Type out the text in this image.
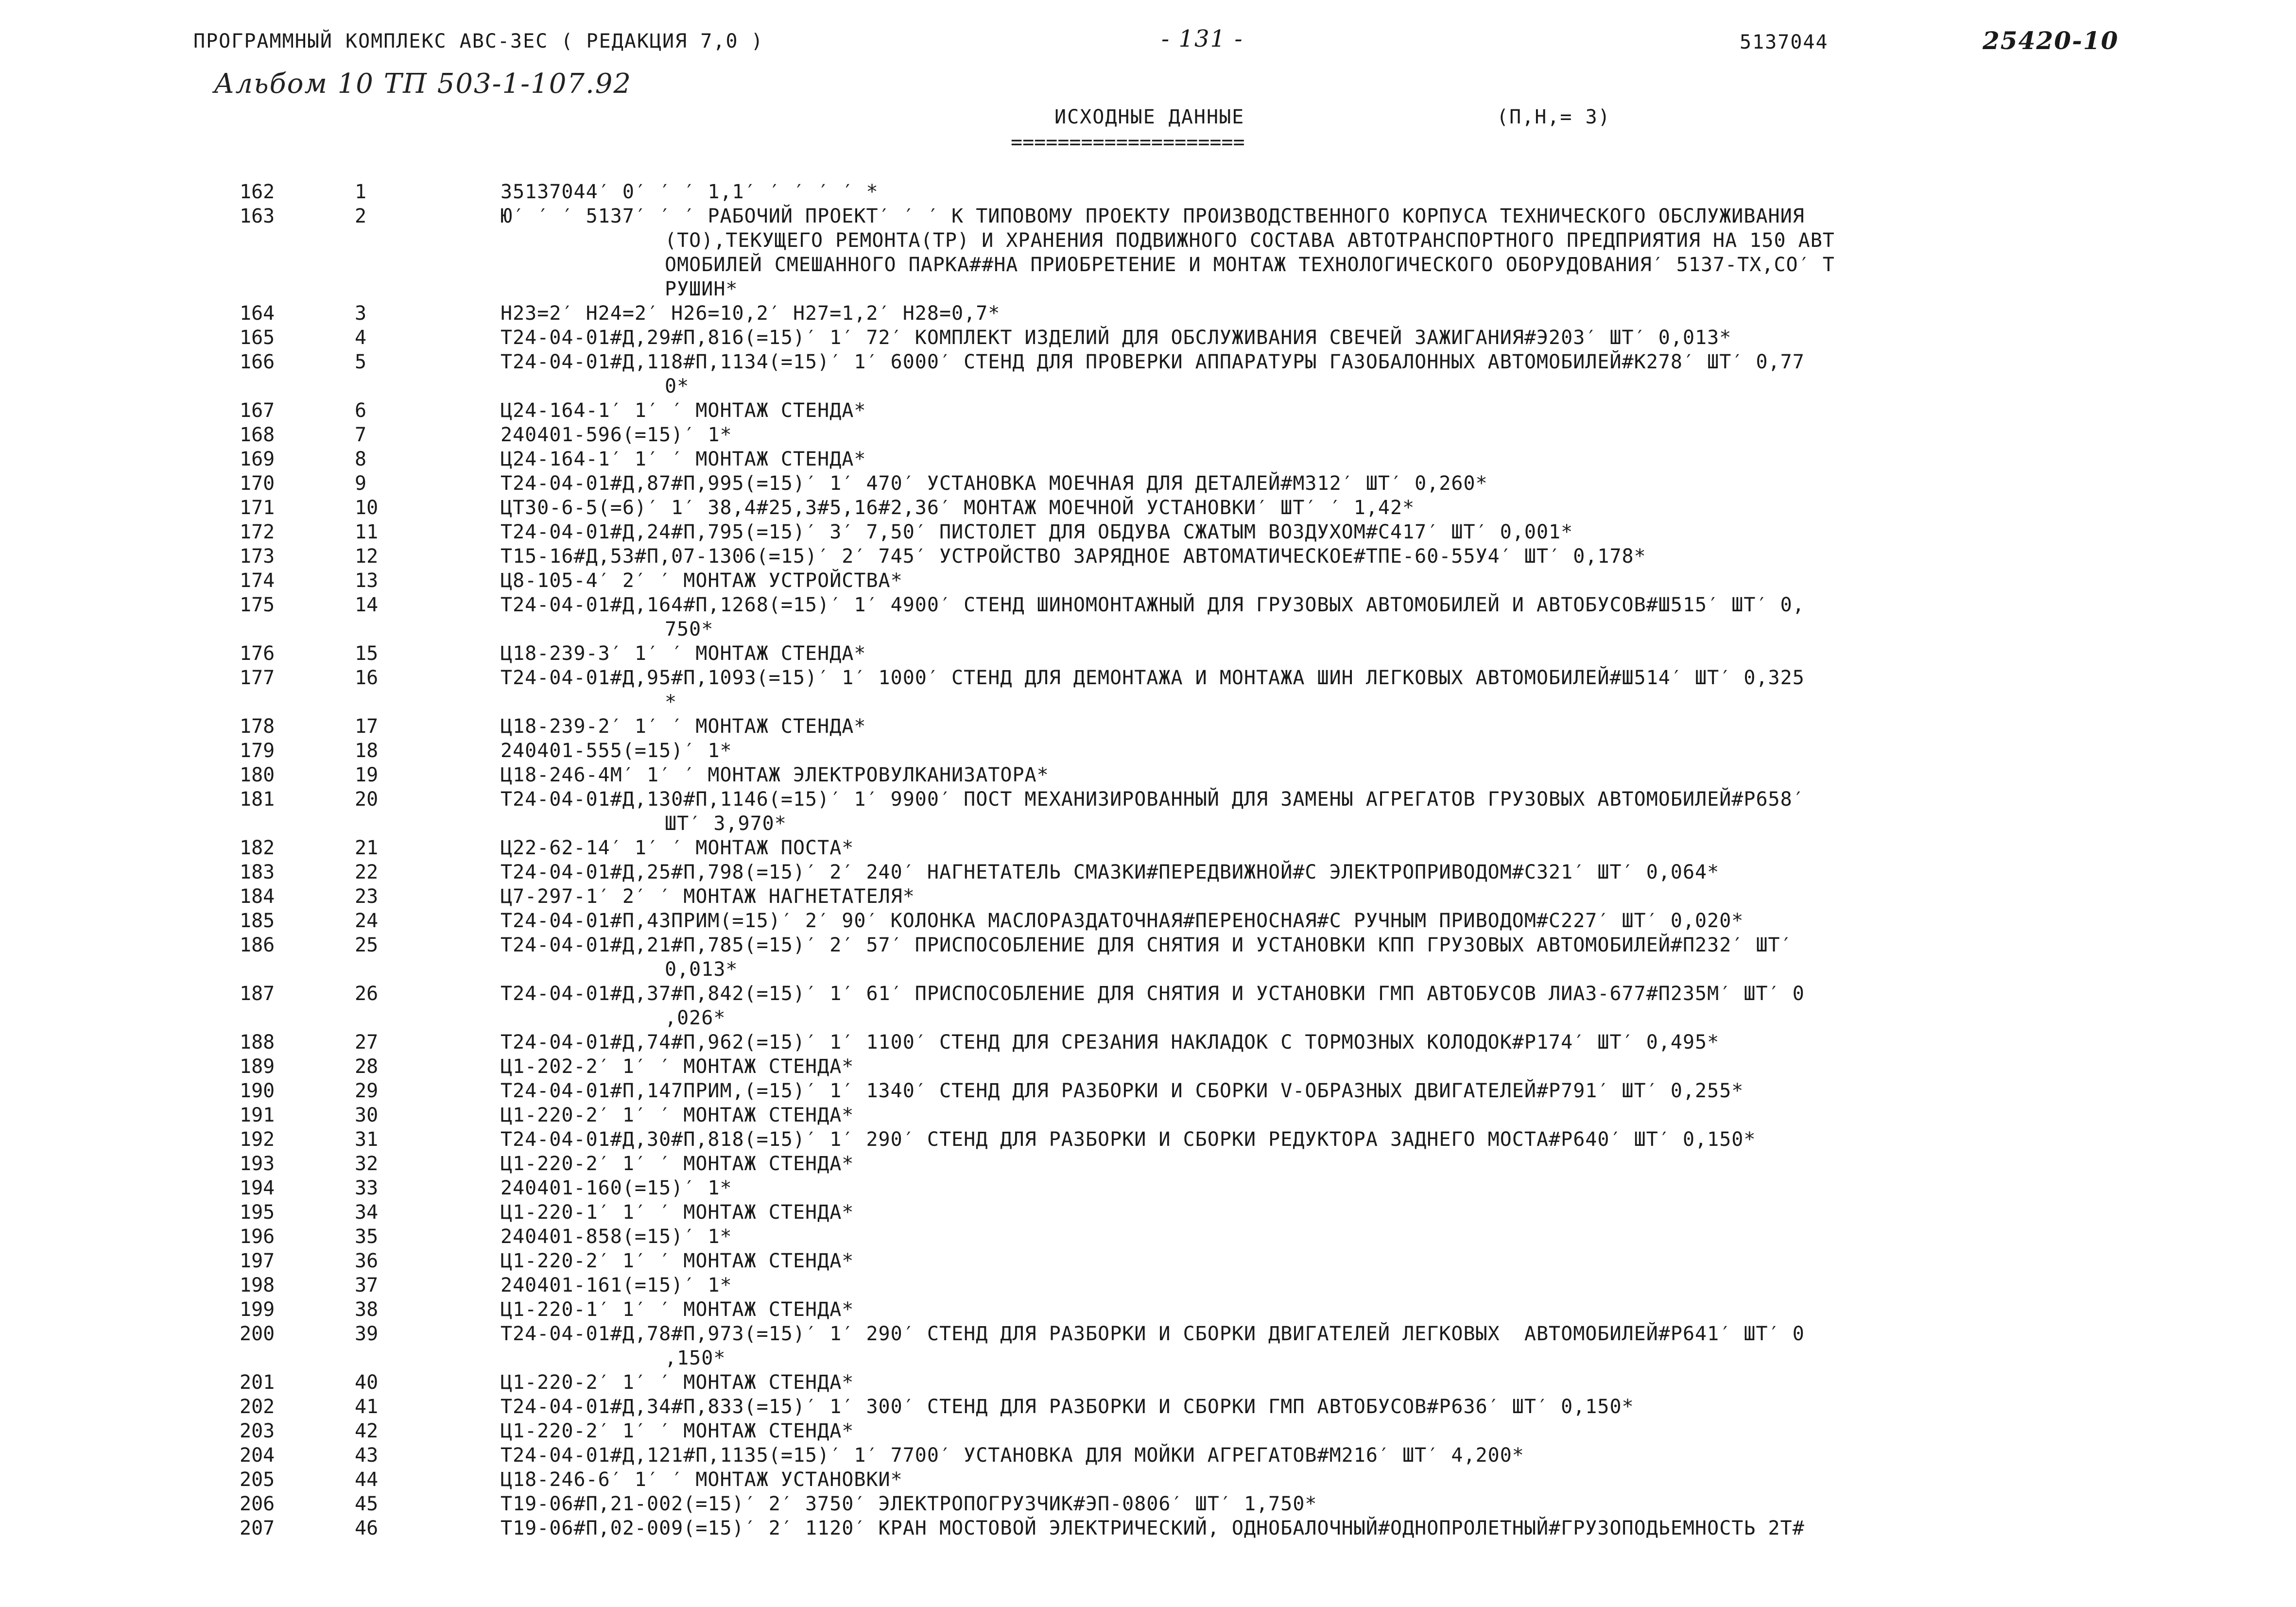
ПРОГРАММНЫЙ КОМПЛЕКС АВС-3ЕС ( РЕДАКЦИЯ 7,0 )	- 131 -	5137044	25420-10
Альбом 10 ТП 503-1-107.92
ИСХОДНЫЕ ДАННЫЕ
====================
(П,Н,= 3)
162	1	35137044′ 0′ ′ ′ 1,1′ ′ ′ ′ ′ *
163	2	Ю′ ′ ′ 5137′ ′ ′ РАБОЧИЙ ПРОЕКТ′ ′ ′ К ТИПОВОМУ ПРОЕКТУ ПРОИЗВОДСТВЕННОГО КОРПУСА ТЕХНИЧЕСКОГО ОБСЛУЖИВАНИЯ
(ТО),ТЕКУЩЕГО РЕМОНТА(ТР) И ХРАНЕНИЯ ПОДВИЖНОГО СОСТАВА АВТОТРАНСПОРТНОГО ПРЕДПРИЯТИЯ НА 150 АВТ
ОМОБИЛЕЙ СМЕШАННОГО ПАРКА##НА ПРИОБРЕТЕНИЕ И МОНТАЖ ТЕХНОЛОГИЧЕСКОГО ОБОРУДОВАНИЯ′ 5137-ТХ,СО′ Т
РУШИН*
164	3	Н23=2′ Н24=2′ Н26=10,2′ Н27=1,2′ Н28=0,7*
165	4	Т24-04-01#Д,29#П,816(=15)′ 1′ 72′ КОМПЛЕКТ ИЗДЕЛИЙ ДЛЯ ОБСЛУЖИВАНИЯ СВЕЧЕЙ ЗАЖИГАНИЯ#Э203′ ШТ′ 0,013*
166	5	Т24-04-01#Д,118#П,1134(=15)′ 1′ 6000′ СТЕНД ДЛЯ ПРОВЕРКИ АППАРАТУРЫ ГАЗОБАЛОННЫХ АВТОМОБИЛЕЙ#К278′ ШТ′ 0,77
0*
167	6	Ц24-164-1′ 1′ ′ МОНТАЖ СТЕНДА*
168	7	240401-596(=15)′ 1*
169	8	Ц24-164-1′ 1′ ′ МОНТАЖ СТЕНДА*
170	9	Т24-04-01#Д,87#П,995(=15)′ 1′ 470′ УСТАНОВКА МОЕЧНАЯ ДЛЯ ДЕТАЛЕЙ#М312′ ШТ′ 0,260*
171	10	ЦТ30-6-5(=6)′ 1′ 38,4#25,3#5,16#2,36′ МОНТАЖ МОЕЧНОЙ УСТАНОВКИ′ ШТ′ ′ 1,42*
172	11	Т24-04-01#Д,24#П,795(=15)′ 3′ 7,50′ ПИСТОЛЕТ ДЛЯ ОБДУВА СЖАТЫМ ВОЗДУХОМ#С417′ ШТ′ 0,001*
173	12	Т15-16#Д,53#П,07-1306(=15)′ 2′ 745′ УСТРОЙСТВО ЗАРЯДНОЕ АВТОМАТИЧЕСКОЕ#ТПЕ-60-55У4′ ШТ′ 0,178*
174	13	Ц8-105-4′ 2′ ′ МОНТАЖ УСТРОЙСТВА*
175	14	Т24-04-01#Д,164#П,1268(=15)′ 1′ 4900′ СТЕНД ШИНОМОНТАЖНЫЙ ДЛЯ ГРУЗОВЫХ АВТОМОБИЛЕЙ И АВТОБУСОВ#Ш515′ ШТ′ 0,
750*
176	15	Ц18-239-3′ 1′ ′ МОНТАЖ СТЕНДА*
177	16	Т24-04-01#Д,95#П,1093(=15)′ 1′ 1000′ СТЕНД ДЛЯ ДЕМОНТАЖА И МОНТАЖА ШИН ЛЕГКОВЫХ АВТОМОБИЛЕЙ#Ш514′ ШТ′ 0,325
*
178	17	Ц18-239-2′ 1′ ′ МОНТАЖ СТЕНДА*
179	18	240401-555(=15)′ 1*
180	19	Ц18-246-4М′ 1′ ′ МОНТАЖ ЭЛЕКТРОВУЛКАНИЗАТОРА*
181	20	Т24-04-01#Д,130#П,1146(=15)′ 1′ 9900′ ПОСТ МЕХАНИЗИРОВАННЫЙ ДЛЯ ЗАМЕНЫ АГРЕГАТОВ ГРУЗОВЫХ АВТОМОБИЛЕЙ#Р658′
ШТ′ 3,970*
182	21	Ц22-62-14′ 1′ ′ МОНТАЖ ПОСТА*
183	22	Т24-04-01#Д,25#П,798(=15)′ 2′ 240′ НАГНЕТАТЕЛЬ СМАЗКИ#ПЕРЕДВИЖНОЙ#С ЭЛЕКТРОПРИВОДОМ#С321′ ШТ′ 0,064*
184	23	Ц7-297-1′ 2′ ′ МОНТАЖ НАГНЕТАТЕЛЯ*
185	24	Т24-04-01#П,43ПРИМ(=15)′ 2′ 90′ КОЛОНКА МАСЛОРАЗДАТОЧНАЯ#ПЕРЕНОСНАЯ#С РУЧНЫМ ПРИВОДОМ#С227′ ШТ′ 0,020*
186	25	Т24-04-01#Д,21#П,785(=15)′ 2′ 57′ ПРИСПОСОБЛЕНИЕ ДЛЯ СНЯТИЯ И УСТАНОВКИ КПП ГРУЗОВЫХ АВТОМОБИЛЕЙ#П232′ ШТ′
0,013*
187	26	Т24-04-01#Д,37#П,842(=15)′ 1′ 61′ ПРИСПОСОБЛЕНИЕ ДЛЯ СНЯТИЯ И УСТАНОВКИ ГМП АВТОБУСОВ ЛИАЗ-677#П235М′ ШТ′ 0
,026*
188	27	Т24-04-01#Д,74#П,962(=15)′ 1′ 1100′ СТЕНД ДЛЯ СРЕЗАНИЯ НАКЛАДОК С ТОРМОЗНЫХ КОЛОДОК#Р174′ ШТ′ 0,495*
189	28	Ц1-202-2′ 1′ ′ МОНТАЖ СТЕНДА*
190	29	Т24-04-01#П,147ПРИМ,(=15)′ 1′ 1340′ СТЕНД ДЛЯ РАЗБОРКИ И СБОРКИ V-ОБРАЗНЫХ ДВИГАТЕЛЕЙ#Р791′ ШТ′ 0,255*
191	30	Ц1-220-2′ 1′ ′ МОНТАЖ СТЕНДА*
192	31	Т24-04-01#Д,30#П,818(=15)′ 1′ 290′ СТЕНД ДЛЯ РАЗБОРКИ И СБОРКИ РЕДУКТОРА ЗАДНЕГО МОСТА#Р640′ ШТ′ 0,150*
193	32	Ц1-220-2′ 1′ ′ МОНТАЖ СТЕНДА*
194	33	240401-160(=15)′ 1*
195	34	Ц1-220-1′ 1′ ′ МОНТАЖ СТЕНДА*
196	35	240401-858(=15)′ 1*
197	36	Ц1-220-2′ 1′ ′ МОНТАЖ СТЕНДА*
198	37	240401-161(=15)′ 1*
199	38	Ц1-220-1′ 1′ ′ МОНТАЖ СТЕНДА*
200	39	Т24-04-01#Д,78#П,973(=15)′ 1′ 290′ СТЕНД ДЛЯ РАЗБОРКИ И СБОРКИ ДВИГАТЕЛЕЙ ЛЕГКОВЫХ  АВТОМОБИЛЕЙ#Р641′ ШТ′ 0
,150*
201	40	Ц1-220-2′ 1′ ′ МОНТАЖ СТЕНДА*
202	41	Т24-04-01#Д,34#П,833(=15)′ 1′ 300′ СТЕНД ДЛЯ РАЗБОРКИ И СБОРКИ ГМП АВТОБУСОВ#Р636′ ШТ′ 0,150*
203	42	Ц1-220-2′ 1′ ′ МОНТАЖ СТЕНДА*
204	43	Т24-04-01#Д,121#П,1135(=15)′ 1′ 7700′ УСТАНОВКА ДЛЯ МОЙКИ АГРЕГАТОВ#М216′ ШТ′ 4,200*
205	44	Ц18-246-6′ 1′ ′ МОНТАЖ УСТАНОВКИ*
206	45	Т19-06#П,21-002(=15)′ 2′ 3750′ ЭЛЕКТРОПОГРУЗЧИК#ЭП-0806′ ШТ′ 1,750*
207	46	Т19-06#П,02-009(=15)′ 2′ 1120′ КРАН МОСТОВОЙ ЭЛЕКТРИЧЕСКИЙ, ОДНОБАЛОЧНЫЙ#ОДНОПРОЛЕТНЫЙ#ГРУЗОПОДЬЕМНОСТЬ 2Т#
